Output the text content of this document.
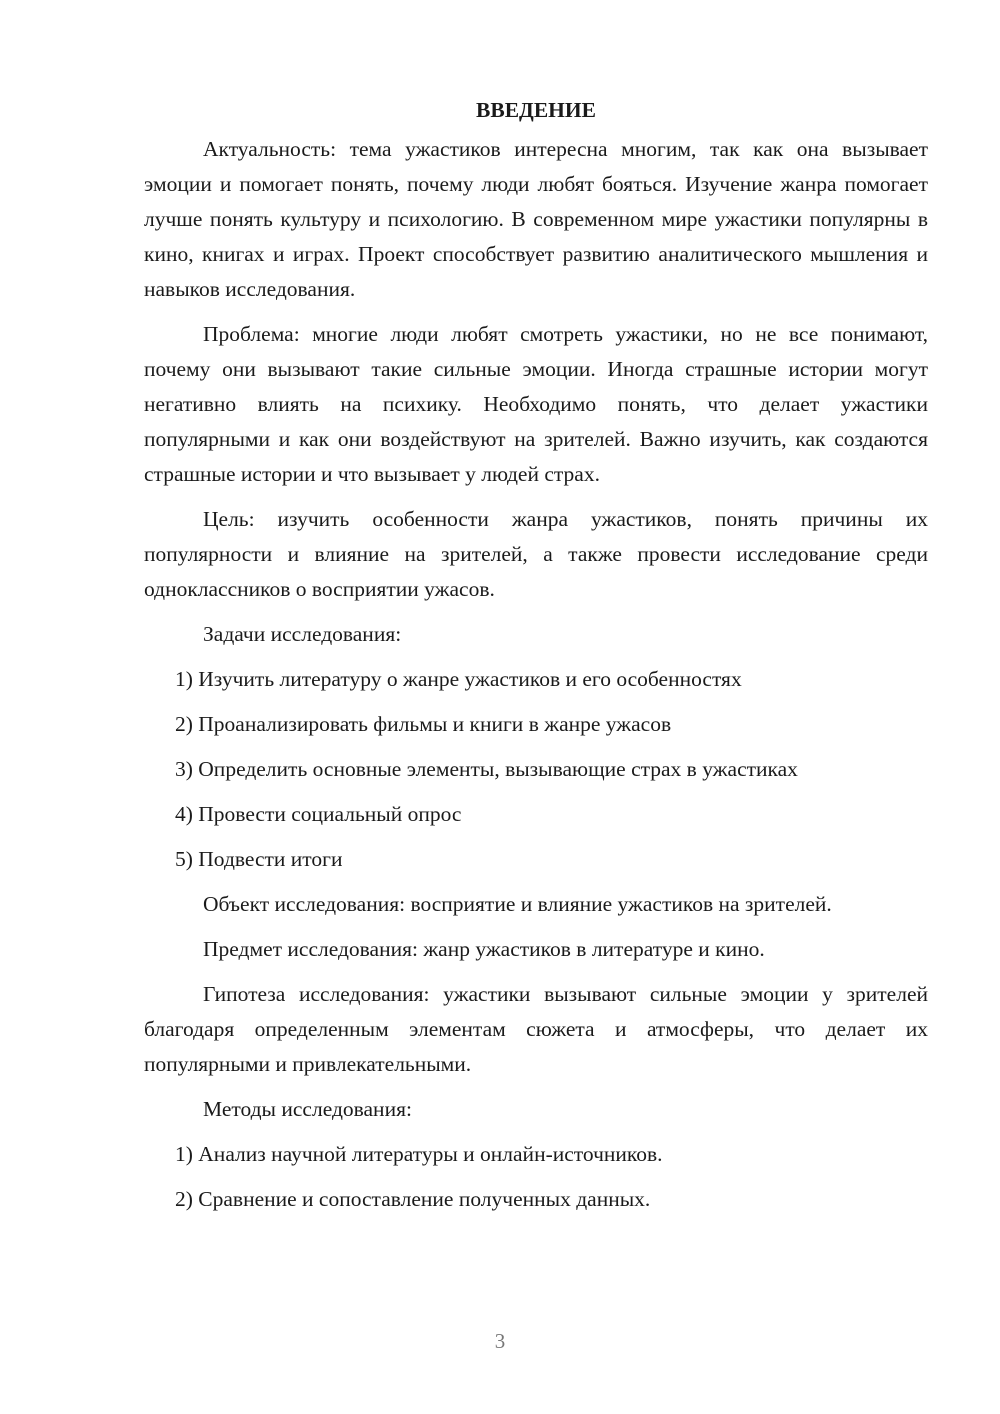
ВВЕДЕНИЕ

Актуальность: тема ужастиков интересна многим, так как она вызывает эмоции и помогает понять, почему люди любят бояться. Изучение жанра помогает лучше понять культуру и психологию. В современном мире ужастики популярны в кино, книгах и играх. Проект способствует развитию аналитического мышления и навыков исследования.

Проблема: многие люди любят смотреть ужастики, но не все понимают, почему они вызывают такие сильные эмоции. Иногда страшные истории могут негативно влиять на психику. Необходимо понять, что делает ужастики популярными и как они воздействуют на зрителей. Важно изучить, как создаются страшные истории и что вызывает у людей страх.

Цель: изучить особенности жанра ужастиков, понять причины их популярности и влияние на зрителей, а также провести исследование среди одноклассников о восприятии ужасов.

Задачи исследования:

1) Изучить литературу о жанре ужастиков и его особенностях

2) Проанализировать фильмы и книги в жанре ужасов

3) Определить основные элементы, вызывающие страх в ужастиках

4) Провести социальный опрос

5) Подвести итоги

Объект исследования: восприятие и влияние ужастиков на зрителей.

Предмет исследования: жанр ужастиков в литературе и кино.

Гипотеза исследования: ужастики вызывают сильные эмоции у зрителей благодаря определенным элементам сюжета и атмосферы, что делает их популярными и привлекательными.

Методы исследования:

1) Анализ научной литературы и онлайн-источников.

2) Сравнение и сопоставление полученных данных.

3
